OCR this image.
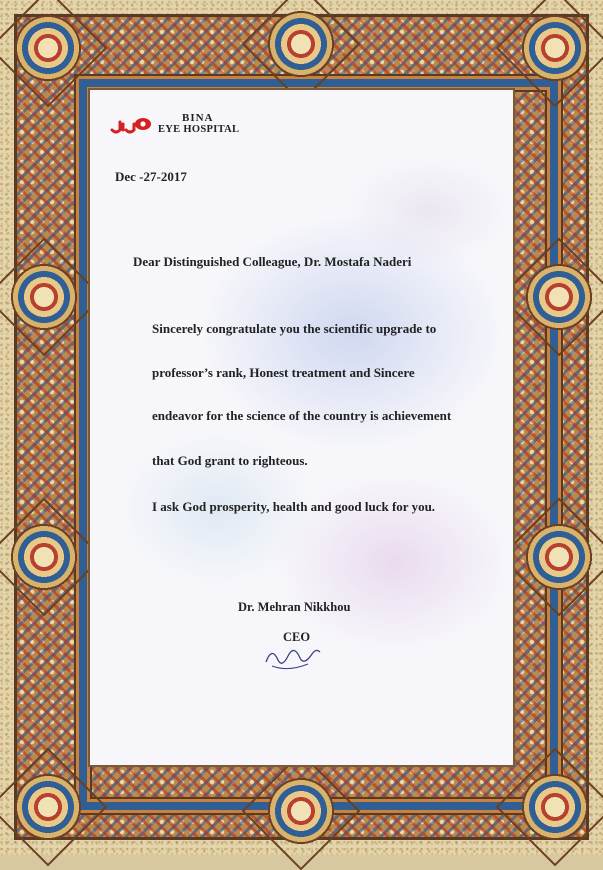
BINA
EYE HOSPITAL
Dec -27-2017
Dear Distinguished Colleague, Dr. Mostafa Naderi
Sincerely congratulate you the scientific upgrade to
professor’s rank, Honest treatment and Sincere
endeavor for the science of the country is achievement
that God grant to righteous.
I ask God prosperity, health and good luck for you.
Dr. Mehran Nikkhou
CEO
